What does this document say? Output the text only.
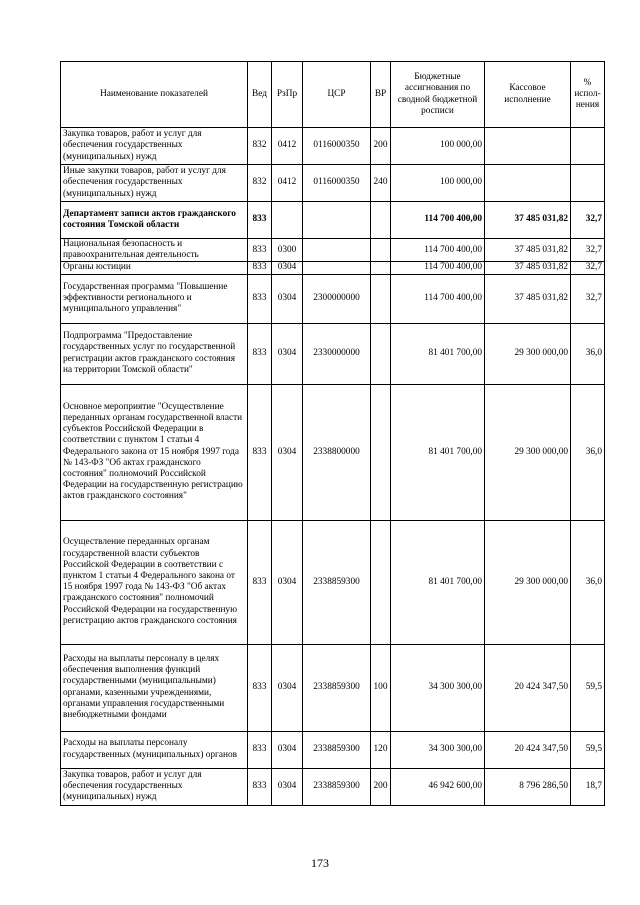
Наименование показателей	Вед	РзПр	ЦСР	ВР	Бюджетные ассигнования по сводной бюджетной росписи	Кассовое исполнение	% испол-нения
Закупка товаров, работ и услуг для обеспечения государственных (муниципальных) нужд	832	0412	0116000350	200	100 000,00		
Иные закупки товаров, работ и услуг для обеспечения государственных (муниципальных) нужд	832	0412	0116000350	240	100 000,00		
Департамент записи актов гражданского состояния Томской области	833				114 700 400,00	37 485 031,82	32,7
Национальная безопасность и правоохранительная деятельность	833	0300			114 700 400,00	37 485 031,82	32,7
Органы юстиции	833	0304			114 700 400,00	37 485 031,82	32,7
Государственная программа "Повышение эффективности регионального и муниципального управления"	833	0304	2300000000		114 700 400,00	37 485 031,82	32,7
Подпрограмма "Предоставление государственных услуг по государственной регистрации актов гражданского состояния на территории Томской области"	833	0304	2330000000		81 401 700,00	29 300 000,00	36,0
Основное мероприятие "Осуществление переданных органам государственной власти субъектов Российской Федерации в соответствии с пунктом 1 статьи 4 Федерального закона от 15 ноября 1997 года № 143-ФЗ "Об актах гражданского состояния" полномочий Российской Федерации на государственную регистрацию актов гражданского состояния"	833	0304	2338800000		81 401 700,00	29 300 000,00	36,0
Осуществление переданных органам государственной власти субъектов Российской Федерации в соответствии с пунктом 1 статьи 4 Федерального закона от 15 ноября 1997 года № 143-ФЗ "Об актах гражданского состояния" полномочий Российской Федерации на государственную регистрацию актов гражданского состояния	833	0304	2338859300		81 401 700,00	29 300 000,00	36,0
Расходы на выплаты персоналу в целях обеспечения выполнения функций государственными (муниципальными) органами, казенными учреждениями, органами управления государственными внебюджетными фондами	833	0304	2338859300	100	34 300 300,00	20 424 347,50	59,5
Расходы на выплаты персоналу государственных (муниципальных) органов	833	0304	2338859300	120	34 300 300,00	20 424 347,50	59,5
Закупка товаров, работ и услуг для обеспечения государственных (муниципальных) нужд	833	0304	2338859300	200	46 942 600,00	8 796 286,50	18,7
173
